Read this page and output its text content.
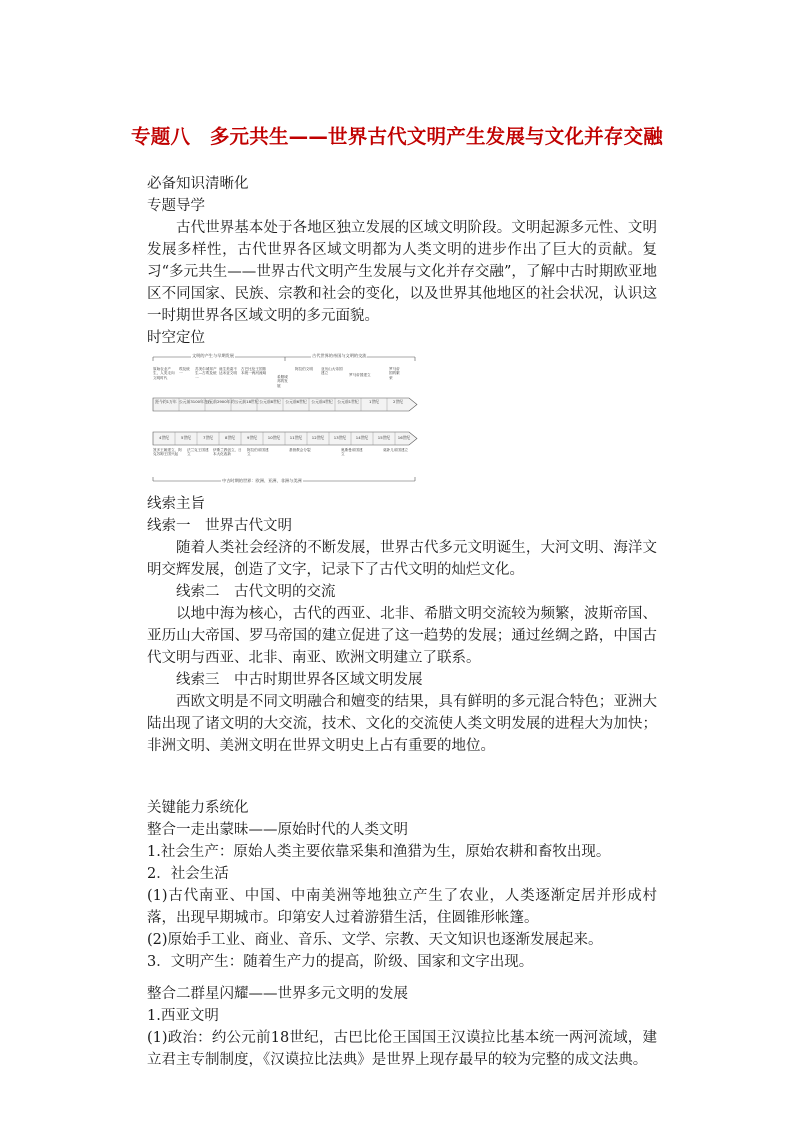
专题八　多元共生——世界古代文明产生发展与文化并存交融
必备知识清晰化
专题导学
古代世界基本处于各地区独立发展的区域文明阶段。文明起源多元性、文明发展多样性，古代世界各区域文明都为人类文明的进步作出了巨大的贡献。复习“多元共生——世界古代文明产生发展与文化并存交融”，了解中古时期欧亚地区不同国家、民族、宗教和社会的变化，以及世界其他地区的社会状况，认识这一时期世界各区域文明的多元面貌。
时空定位
文明的产生与早期发展	古代世界的帝国与文明的交流
原始农业产生，人类走向文明时代
埃及统一
苏美尔城邦产生—古埃及统一
诞生美索不达米亚文明
古巴比伦王国基本统一两河流域
希腊城邦的发展
阿拉伯文明	亚历山大帝国建立	罗马帝国建立
罗马帝国的繁荣
距今约1万年 公元前3100年左右
公元前2900年 约公元前18世纪 公元前8世纪	公元前6世纪	公元前4世纪	公元前1世纪	1世纪	2世纪
4世纪	5世纪	7世纪	8世纪	9世纪	10世纪	11世纪	12世纪	13世纪	14世纪	15世纪	16世纪
笈多王朝建立，阿克苏姆王国兴起
法兰克王国建立
伊斯兰教创立，日本大化改新
阿拉伯帝国建立
基督教会分裂	奥斯曼帝国建立
莫卧儿帝国建立
中古时期的世界：欧洲、亚洲、非洲与美洲
线索主旨
线索一　世界古代文明
随着人类社会经济的不断发展，世界古代多元文明诞生，大河文明、海洋文明交辉发展，创造了文字，记录下了古代文明的灿烂文化。
线索二　古代文明的交流
以地中海为核心，古代的西亚、北非、希腊文明交流较为频繁，波斯帝国、亚历山大帝国、罗马帝国的建立促进了这一趋势的发展；通过丝绸之路，中国古代文明与西亚、北非、南亚、欧洲文明建立了联系。
线索三　中古时期世界各区域文明发展
西欧文明是不同文明融合和嬗变的结果，具有鲜明的多元混合特色；亚洲大陆出现了诸文明的大交流，技术、文化的交流使人类文明发展的进程大为加快；非洲文明、美洲文明在世界文明史上占有重要的地位。
关键能力系统化
整合一走出蒙昧——原始时代的人类文明
1.社会生产：原始人类主要依靠采集和渔猎为生，原始农耕和畜牧出现。
2．社会生活
(1)古代南亚、中国、中南美洲等地独立产生了农业，人类逐渐定居并形成村落，出现早期城市。印第安人过着游猎生活，住圆锥形帐篷。
(2)原始手工业、商业、音乐、文学、宗教、天文知识也逐渐发展起来。
3．文明产生：随着生产力的提高，阶级、国家和文字出现。
整合二群星闪耀——世界多元文明的发展
1.西亚文明
(1)政治：约公元前18世纪，古巴比伦王国国王汉谟拉比基本统一两河流域，建立君主专制制度，《汉谟拉比法典》是世界上现存最早的较为完整的成文法典。
